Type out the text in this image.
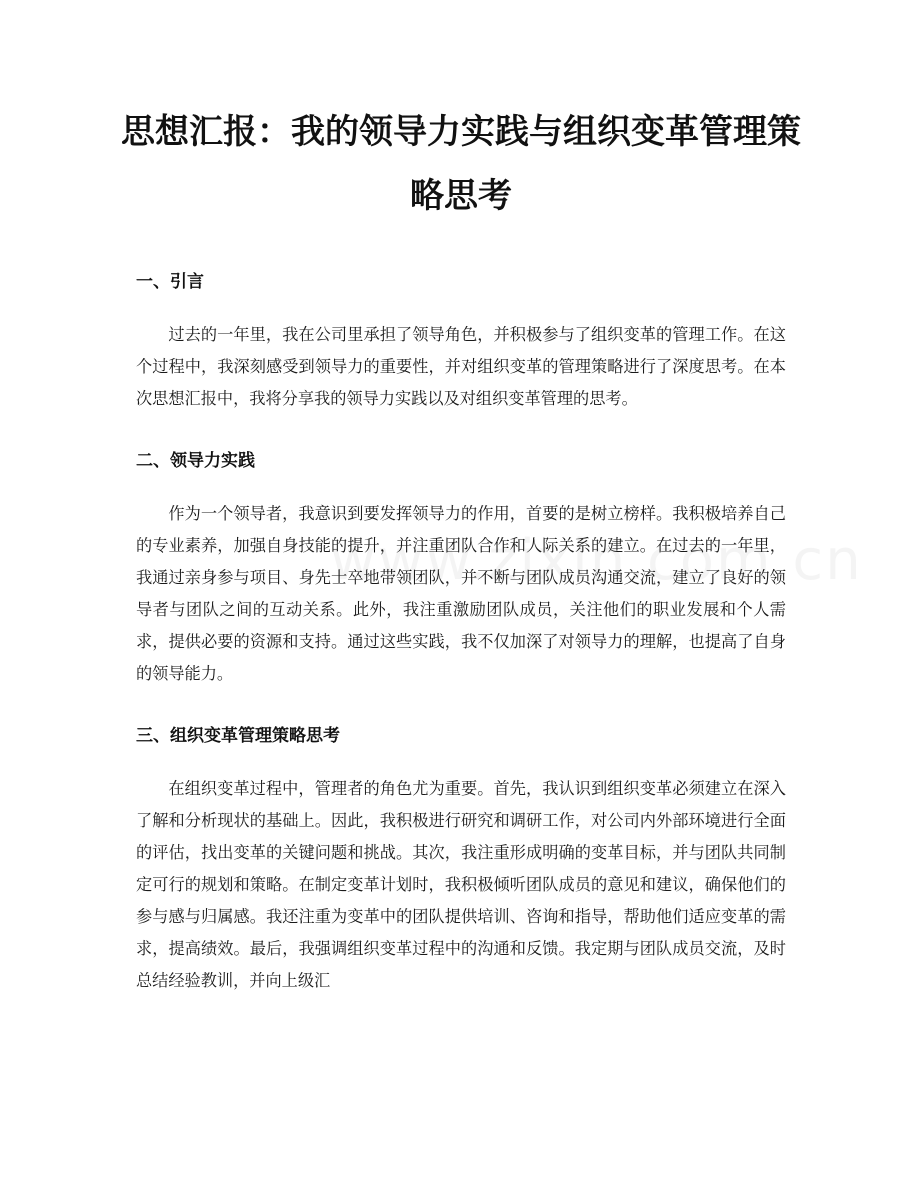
思想汇报：我的领导力实践与组织变革管理策略思考
一、引言

过去的一年里，我在公司里承担了领导角色，并积极参与了组织变革的管理工作。在这个过程中，我深刻感受到领导力的重要性，并对组织变革的管理策略进行了深度思考。在本次思想汇报中，我将分享我的领导力实践以及对组织变革管理的思考。

二、领导力实践

作为一个领导者，我意识到要发挥领导力的作用，首要的是树立榜样。我积极培养自己的专业素养，加强自身技能的提升，并注重团队合作和人际关系的建立。在过去的一年里，我通过亲身参与项目、身先士卒地带领团队，并不断与团队成员沟通交流，建立了良好的领导者与团队之间的互动关系。此外，我注重激励团队成员，关注他们的职业发展和个人需求，提供必要的资源和支持。通过这些实践，我不仅加深了对领导力的理解，也提高了自身的领导能力。

三、组织变革管理策略思考

在组织变革过程中，管理者的角色尤为重要。首先，我认识到组织变革必须建立在深入了解和分析现状的基础上。因此，我积极进行研究和调研工作，对公司内外部环境进行全面的评估，找出变革的关键问题和挑战。其次，我注重形成明确的变革目标，并与团队共同制定可行的规划和策略。在制定变革计划时，我积极倾听团队成员的意见和建议，确保他们的参与感与归属感。我还注重为变革中的团队提供培训、咨询和指导，帮助他们适应变革的需求，提高绩效。最后，我强调组织变革过程中的沟通和反馈。我定期与团队成员交流，及时总结经验教训，并向上级汇
